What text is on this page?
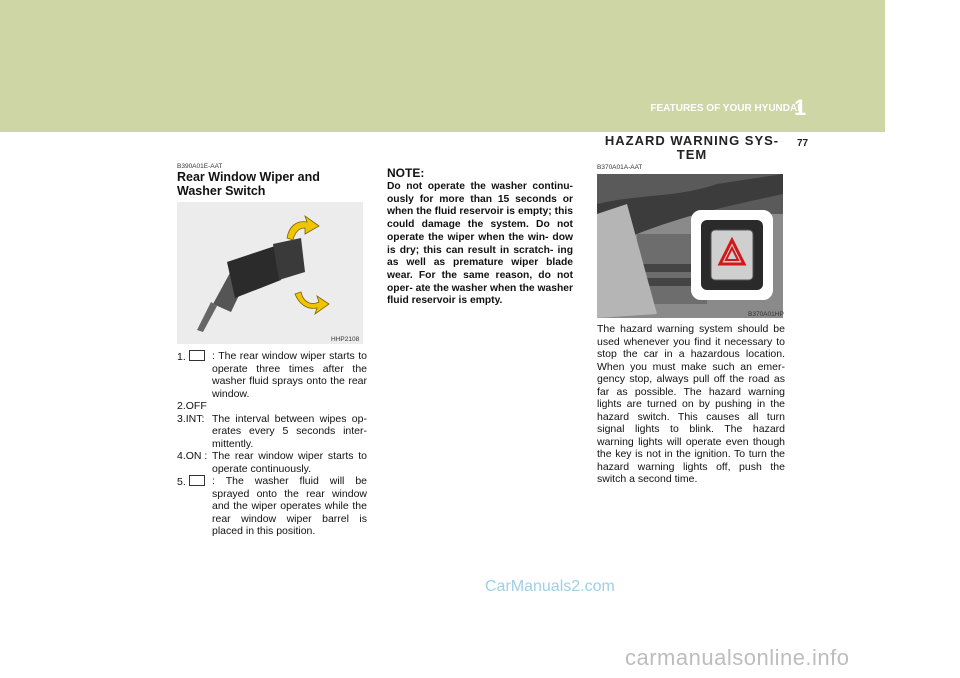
1
FEATURES OF YOUR HYUNDAI
HAZARD WARNING SYS- TEM
77
B390A01E-AAT
Rear Window Wiper and Washer Switch
HHP2108
1.	: The rear window wiper starts to operate three times after the washer fluid sprays onto the rear window.
2.OFF
3.INT: The interval between wipes op- erates every 5 seconds inter- mittently.
4.ON : The rear window wiper starts to operate continuously.
5.	: The washer fluid will be sprayed onto the rear window and the wiper operates while the rear window wiper barrel is placed in this position.
NOTE:
Do not operate the washer continu- ously for more than 15 seconds or when the fluid reservoir is empty; this could damage the system. Do not operate the wiper when the win- dow is dry; this can result in scratch- ing as well as premature wiper blade wear. For the same reason, do not oper- ate the washer when the washer fluid reservoir is empty.
B370A01A-AAT
B370A01HP
The hazard warning system should be used whenever you find it necessary to stop the car in a hazardous location. When you must make such an emer- gency stop, always pull off the road as far as possible. The hazard warning lights are turned on by pushing in the hazard switch. This causes all turn signal lights to blink. The hazard warning lights will operate even though the key is not in the ignition. To turn the hazard warning lights off, push the switch a second time.
CarManuals2.com
carmanualsonline.info
